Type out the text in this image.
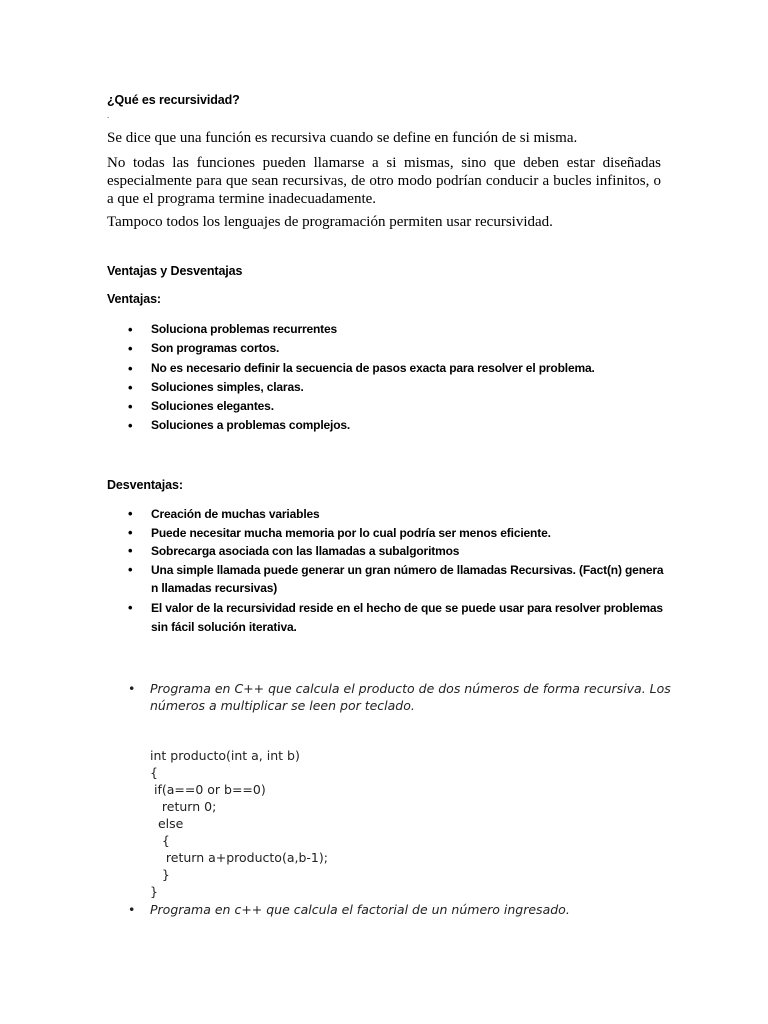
¿Qué es recursividad?
.

Se dice que una función es recursiva cuando se define en función de si misma.

No todas las funciones pueden llamarse a si mismas, sino que deben estar diseñadas especialmente para que sean recursivas, de otro modo podrían conducir a bucles infinitos, o a que el programa termine inadecuadamente.

Tampoco todos los lenguajes de programación permiten usar recursividad.

Ventajas y Desventajas
Ventajas:
• Soluciona problemas recurrentes
• Son programas cortos.
• No es necesario definir la secuencia de pasos exacta para resolver el problema.
• Soluciones simples, claras.
• Soluciones elegantes.
• Soluciones a problemas complejos.
Desventajas:
• Creación de muchas variables
• Puede necesitar mucha memoria por lo cual podría ser menos eficiente.
• Sobrecarga asociada con las llamadas a subalgoritmos
• Una simple llamada puede generar un gran número de llamadas Recursivas. (Fact(n) genera n llamadas recursivas)
• El valor de la recursividad reside en el hecho de que se puede usar para resolver problemas sin fácil solución iterativa.
•	Programa en C++ que calcula el producto de dos números de forma recursiva. Los números a multiplicar se leen por teclado.
int producto(int a, int b)
{
if(a==0 or b==0)
return 0;
else
{
return a+producto(a,b-1);
}
}
•	Programa en c++ que calcula el factorial de un número ingresado.
